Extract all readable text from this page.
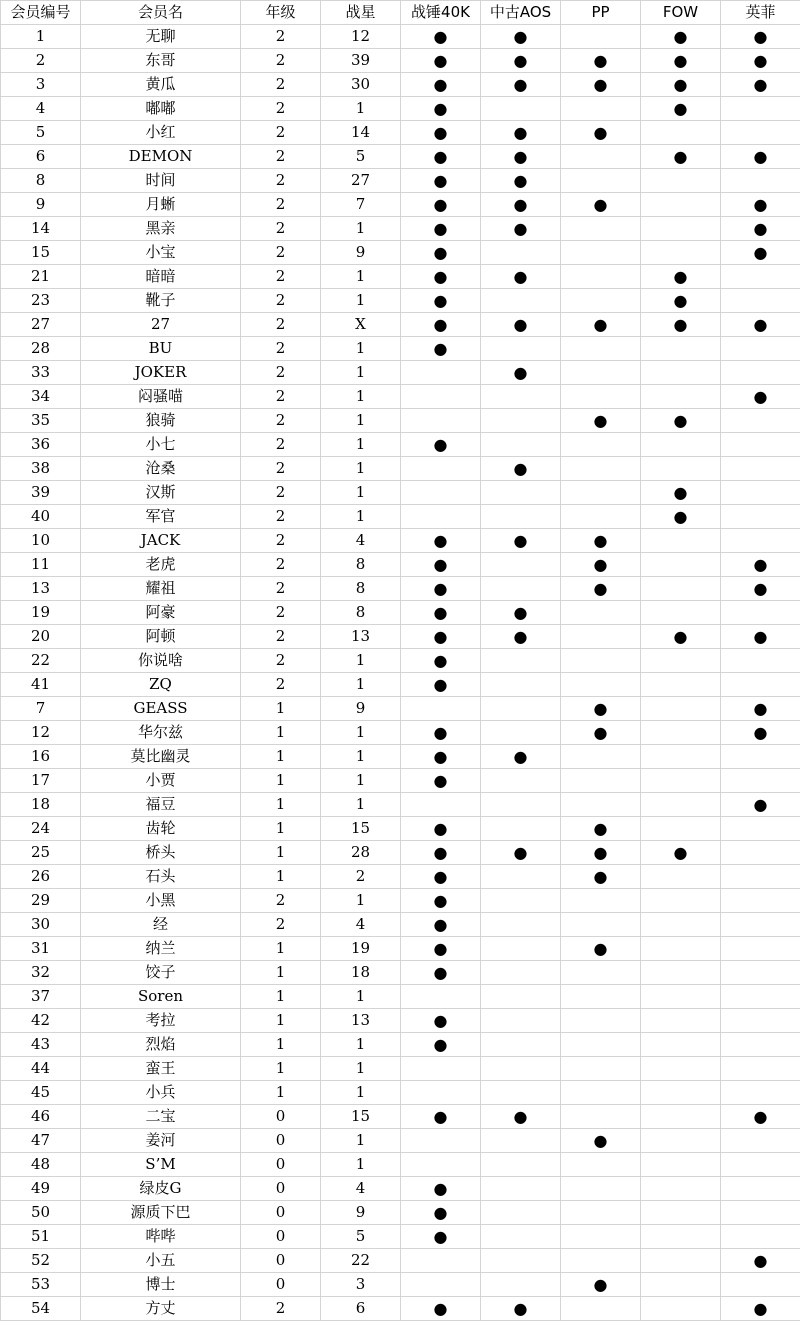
会员编号	会员名	年级	战星	战锤40K	中古AOS	PP	FOW	英菲
1	无聊	2	12	●	●		●	●
2	东哥	2	39	●	●	●	●	●
3	黄瓜	2	30	●	●	●	●	●
4	嘟嘟	2	1	●			●	
5	小红	2	14	●	●	●		
6	DEMON	2	5	●	●		●	●
8	时间	2	27	●	●			
9	月蜥	2	7	●	●	●		●
14	黑亲	2	1	●	●			●
15	小宝	2	9	●				●
21	暗暗	2	1	●	●		●	
23	靴子	2	1	●			●	
27	27	2	X	●	●	●	●	●
28	BU	2	1	●				
33	JOKER	2	1		●			
34	闷骚喵	2	1					●
35	狼骑	2	1			●	●	
36	小七	2	1	●				
38	沧桑	2	1		●			
39	汉斯	2	1				●	
40	军官	2	1				●	
10	JACK	2	4	●	●	●		
11	老虎	2	8	●		●		●
13	耀祖	2	8	●		●		●
19	阿豪	2	8	●	●			
20	阿顿	2	13	●	●		●	●
22	你说啥	2	1	●				
41	ZQ	2	1	●				
7	GEASS	1	9			●		●
12	华尔兹	1	1	●		●		●
16	莫比幽灵	1	1	●	●			
17	小贾	1	1	●				
18	福豆	1	1					●
24	齿轮	1	15	●		●		
25	桥头	1	28	●	●	●	●	
26	石头	1	2	●		●		
29	小黑	2	1	●				
30	经	2	4	●				
31	纳兰	1	19	●		●		
32	饺子	1	18	●				
37	Soren	1	1					
42	考拉	1	13	●				
43	烈焰	1	1	●				
44	蛮王	1	1					
45	小兵	1	1					
46	二宝	0	15	●	●			●
47	姜河	0	1			●		
48	S’M	0	1					
49	绿皮G	0	4	●				
50	源质下巴	0	9	●				
51	哔哔	0	5	●				
52	小五	0	22					●
53	博士	0	3			●		
54	方丈	2	6	●	●			●
